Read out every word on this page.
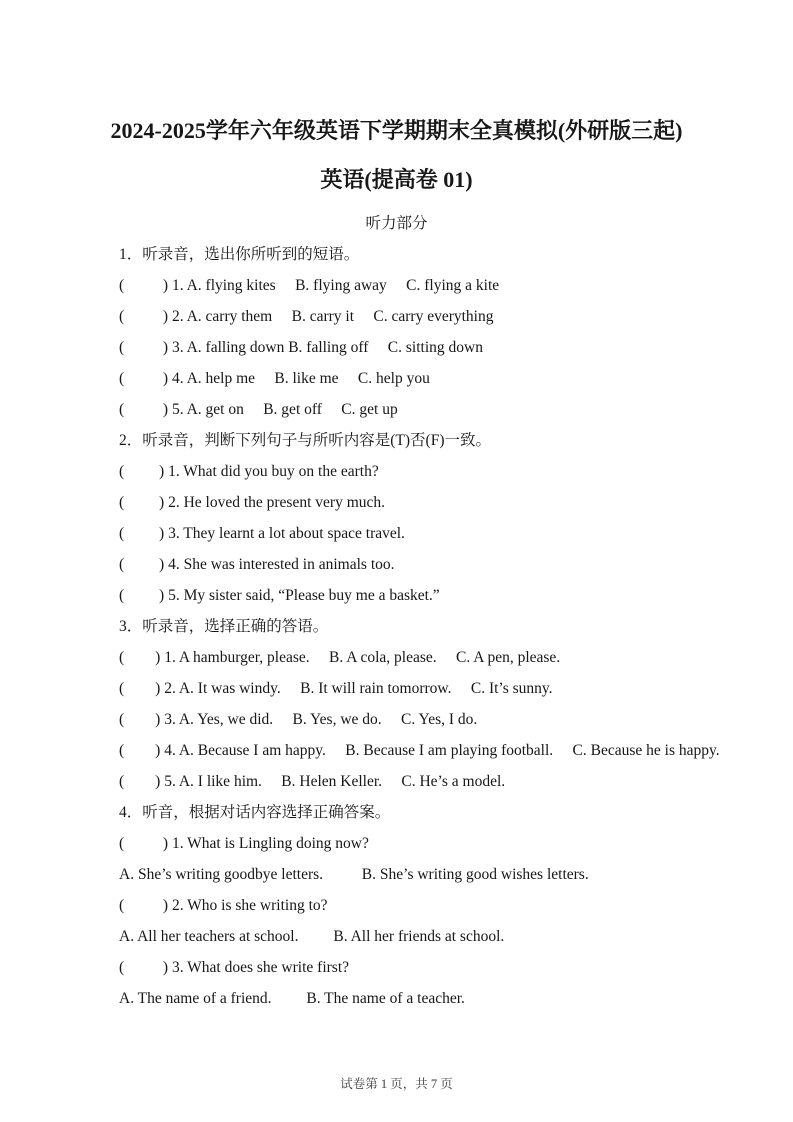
2024-2025学年六年级英语下学期期末全真模拟(外研版三起)
英语(提高卷 01)
听力部分
1．听录音，选出你所听到的短语。
(          ) 1. A. flying kites     B. flying away     C. flying a kite
(          ) 2. A. carry them     B. carry it     C. carry everything
(          ) 3. A. falling down B. falling off     C. sitting down
(          ) 4. A. help me     B. like me     C. help you
(          ) 5. A. get on     B. get off     C. get up
2．听录音，判断下列句子与所听内容是(T)否(F)一致。
(         ) 1. What did you buy on the earth?
(         ) 2. He loved the present very much.
(         ) 3. They learnt a lot about space travel.
(         ) 4. She was interested in animals too.
(         ) 5. My sister said, “Please buy me a basket.”
3．听录音，选择正确的答语。
(        ) 1. A hamburger, please.     B. A cola, please.     C. A pen, please.
(        ) 2. A. It was windy.     B. It will rain tomorrow.     C. It’s sunny.
(        ) 3. A. Yes, we did.     B. Yes, we do.     C. Yes, I do.
(        ) 4. A. Because I am happy.     B. Because I am playing football.     C. Because he is happy.
(        ) 5. A. I like him.     B. Helen Keller.     C. He’s a model.
4．听音，根据对话内容选择正确答案。
(          ) 1. What is Lingling doing now?
A. She’s writing goodbye letters.          B. She’s writing good wishes letters.
(          ) 2. Who is she writing to?
A. All her teachers at school.         B. All her friends at school.
(          ) 3. What does she write first?
A. The name of a friend.         B. The name of a teacher.
试卷第 1 页，共 7 页
